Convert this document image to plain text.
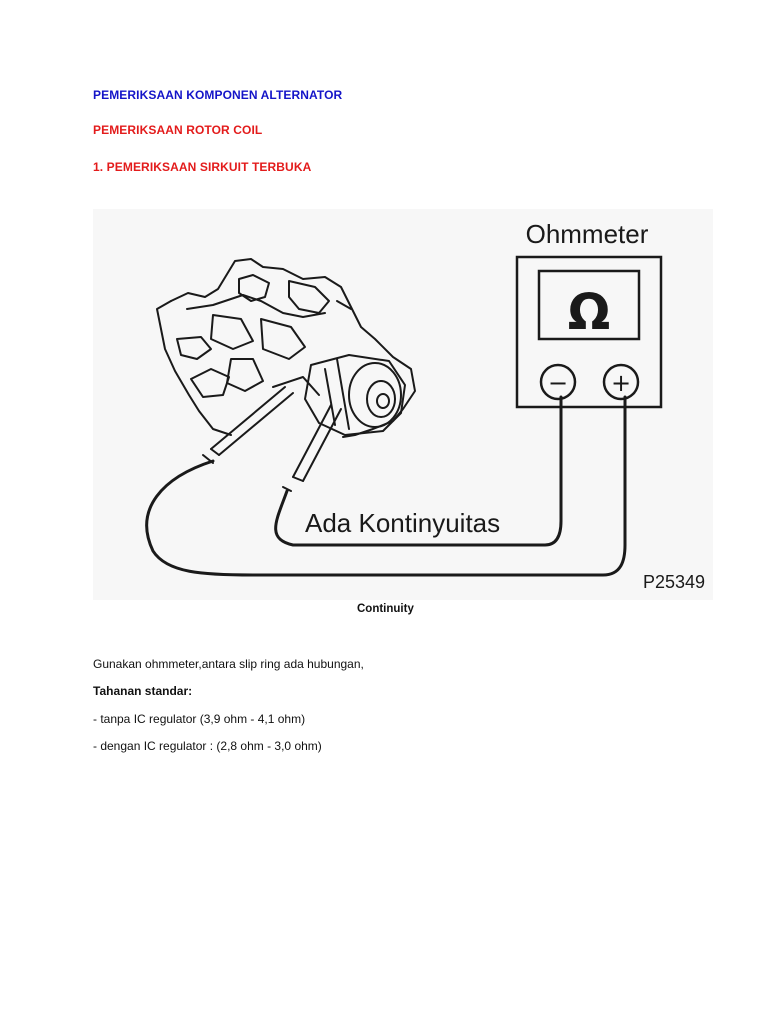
PEMERIKSAAN KOMPONEN ALTERNATOR
PEMERIKSAAN ROTOR COIL
1. PEMERIKSAAN SIRKUIT TERBUKA
Ohmmeter
Ω
− +
Ada Kontinyuitas
P25349
Continuity

Gunakan ohmmeter,antara slip ring ada hubungan,

Tahanan standar:

- tanpa IC regulator (3,9 ohm - 4,1 ohm)

- dengan IC regulator : (2,8 ohm - 3,0 ohm)
